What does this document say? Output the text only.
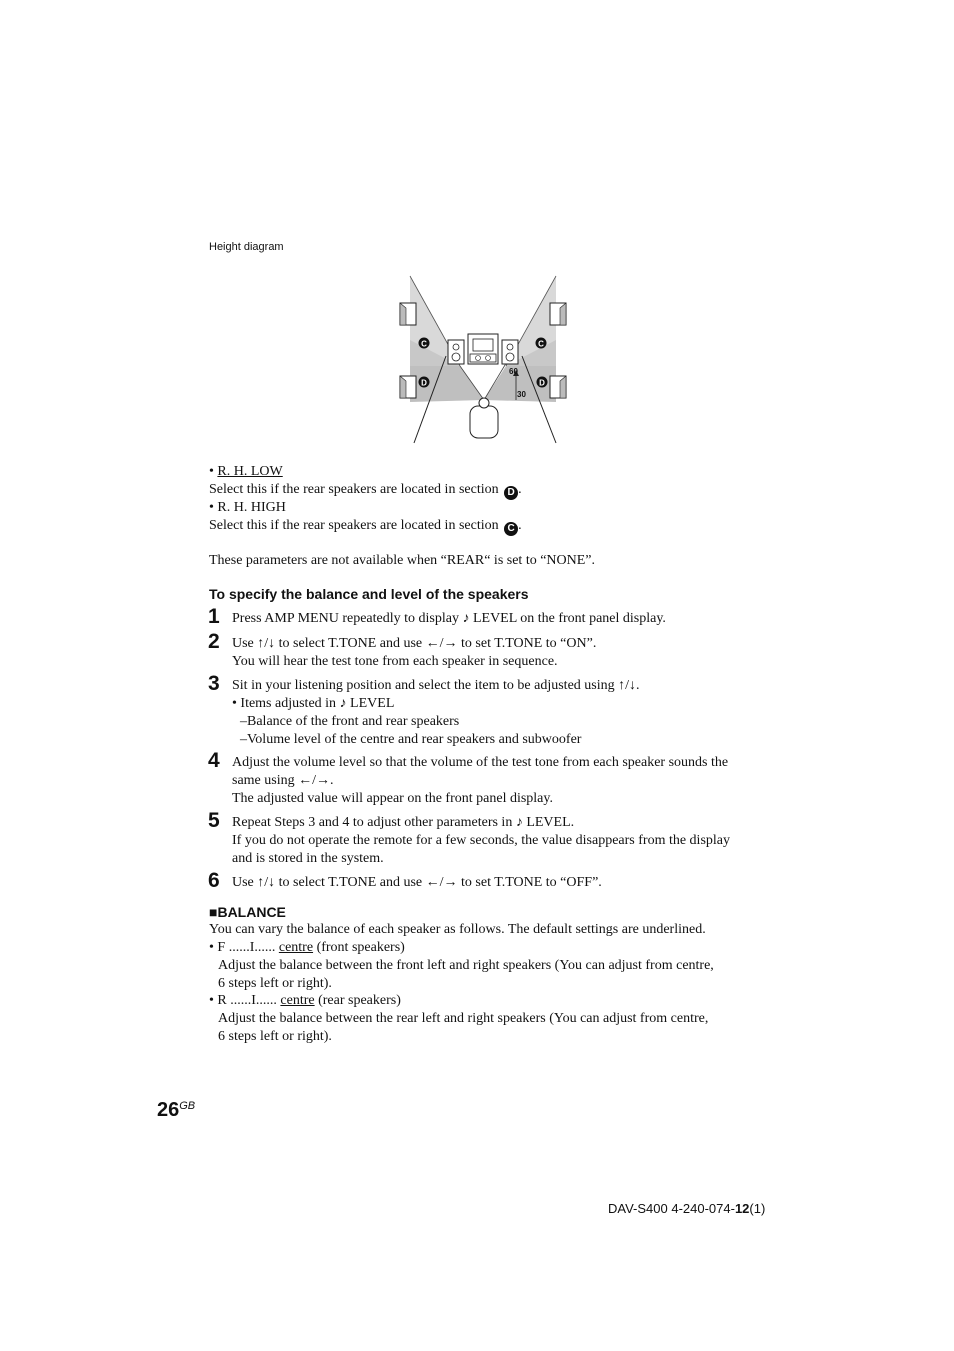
Height diagram
C	C
D	D
60
30
• R. H. LOW
Select this if the rear speakers are located in section D .
• R. H. HIGH
Select this if the rear speakers are located in section C .
These parameters are not available when “REAR“ is set to “NONE”.
To specify the balance and level of the speakers
1 Press AMP MENU repeatedly to display ♪ LEVEL on the front panel display.
2 Use ↑/↓ to select T.TONE and use ←/→ to set T.TONE to “ON”.
You will hear the test tone from each speaker in sequence.
3 Sit in your listening position and select the item to be adjusted using ↑/↓.
• Items adjusted in ♪ LEVEL
–Balance of the front and rear speakers
–Volume level of the centre and rear speakers and subwoofer
4 Adjust the volume level so that the volume of the test tone from each speaker sounds the
same using ←/→.
The adjusted value will appear on the front panel display.
5 Repeat Steps 3 and 4 to adjust other parameters in ♪ LEVEL.
If you do not operate the remote for a few seconds, the value disappears from the display
and is stored in the system.
6 Use ↑/↓ to select T.TONE and use ←/→ to set T.TONE to “OFF”.
■BALANCE
You can vary the balance of each speaker as follows. The default settings are underlined.
• F ......I...... centre (front speakers)
Adjust the balance between the front left and right speakers (You can adjust from centre,
6 steps left or right).
• R ......I...... centre (rear speakers)
Adjust the balance between the rear left and right speakers (You can adjust from centre,
6 steps left or right).
$26^{GB}$
DAV-S400 4-240-074-12(1)
